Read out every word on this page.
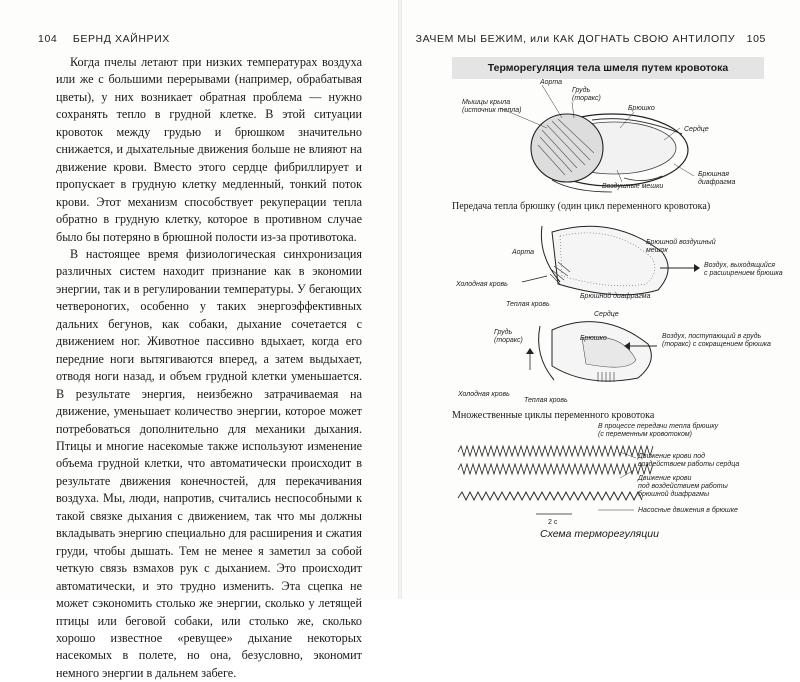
104 БЕРНД ХАЙНРИХ	ЗАЧЕМ МЫ БЕЖИМ, или КАК ДОГНАТЬ СВОЮ АНТИЛОПУ 105

Когда пчелы летают при низких температурах воздуха или же с большими перерывами (например, обрабатывая цветы), у них возникает обратная проблема — нужно сохранять тепло в грудной клетке. В этой ситуации кровоток между грудью и брюшком значительно снижается, и дыхательные движения больше не влияют на движение крови. Вместо этого сердце фибриллирует и пропускает в грудную клетку медленный, тонкий поток крови. Этот механизм способствует рекуперации тепла обратно в грудную клетку, которое в противном случае было бы потеряно в брюшной полости из-за противотока.

В настоящее время физиологическая синхронизация различных систем находит признание как в экономии энергии, так и в регулировании температуры. У бегающих четвероногих, особенно у таких энергоэффективных дальних бегунов, как собаки, дыхание сочетается с движением ног. Животное пассивно вдыхает, когда его передние ноги вытягиваются вперед, а затем выдыхает, отводя ноги назад, и объем грудной клетки уменьшается. В результате энергия, неизбежно затрачиваемая на движение, уменьшает количество энергии, которое может потребоваться дополнительно для механики дыхания. Птицы и многие насекомые также используют изменение объема грудной клетки, что автоматически происходит в результате движения конечностей, для перекачивания воздуха. Мы, люди, напротив, считались неспособными к такой связке дыхания с движением, так что мы должны вкладывать энергию специально для расширения и сжатия груди, чтобы дышать. Тем не менее я заметил за собой четкую связь взмахов рук с дыханием. Это происходит автоматически, и это трудно изменить. Эта сцепка не может сэкономить столько же энергии, сколько у летящей птицы или беговой собаки, или столько же, сколько хорошо известное «ревущее» дыхание некоторых насекомых в полете, но она, безусловно, экономит немного энергии в дальнем забеге.

Терморегуляция тела шмеля путем кровотока
Передача тепла брюшку (один цикл переменного кровотока)
Множественные циклы переменного кровотока
Схема терморегуляции
Аорта
Грудь (торакс)
Мышцы крыла (источник тепла)	Брюшко
Сердце
Воздушные мешки
Брюшная диафрагма
Аорта
Брюшной воздушный мешок
Холодная кровь
Теплая кровь
Брюшной диафрагма
Воздух, выходящийся с расширением брюшка
Сердце
Грудь (торакс)	Брюшко	Воздух, поступающий в грудь (торакс) с сокращением брюшка
Холодная кровь
Теплая кровь
В процессе передачи тепла брюшку (с переменным кровотоком)
2 с
Движение крови под воздействием работы сердца
Движение крови под воздействием работы брюшной диафрагмы
Насосные движения в брюшке
